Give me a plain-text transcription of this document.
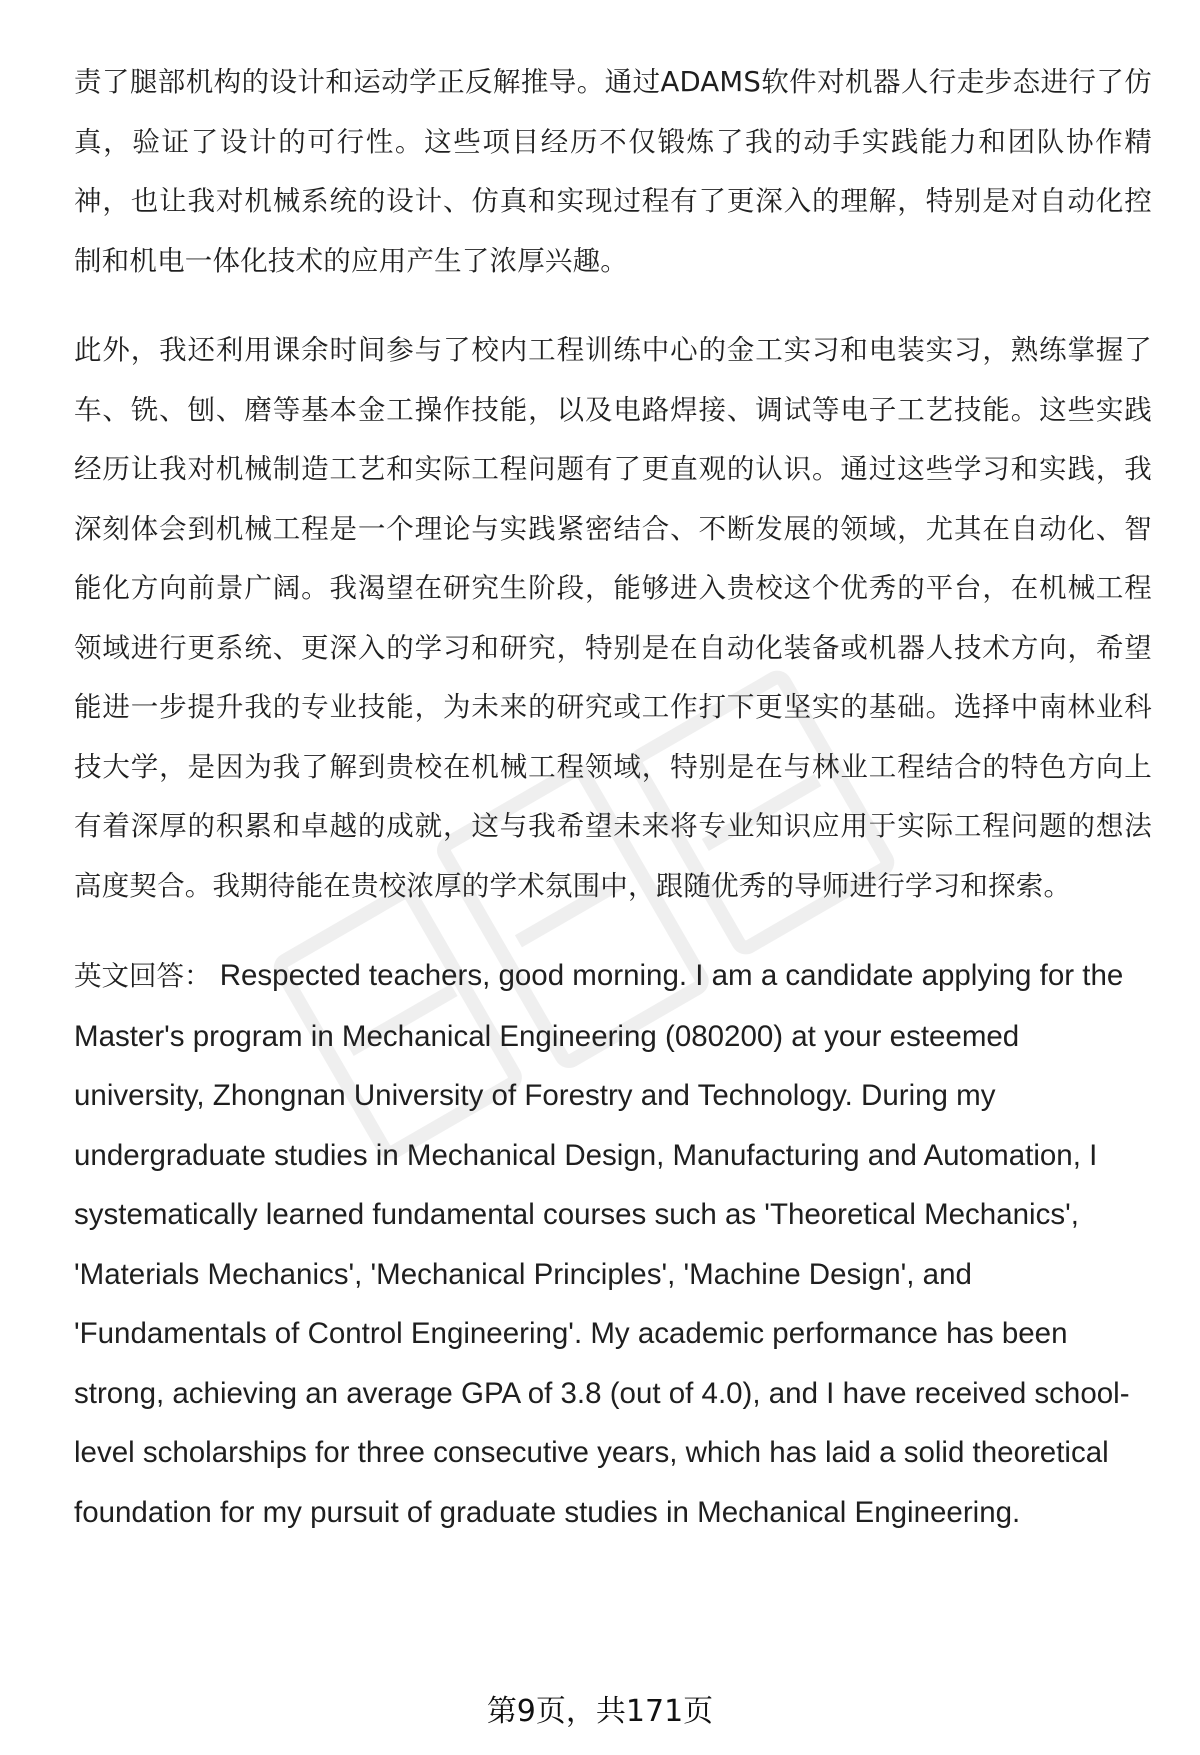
责了腿部机构的设计和运动学正反解推导。通过ADAMS软件对机器人行走步态进行了仿真，验证了设计的可行性。这些项目经历不仅锻炼了我的动手实践能力和团队协作精神，也让我对机械系统的设计、仿真和实现过程有了更深入的理解，特别是对自动化控制和机电一体化技术的应用产生了浓厚兴趣。

此外，我还利用课余时间参与了校内工程训练中心的金工实习和电装实习，熟练掌握了车、铣、刨、磨等基本金工操作技能，以及电路焊接、调试等电子工艺技能。这些实践经历让我对机械制造工艺和实际工程问题有了更直观的认识。通过这些学习和实践，我深刻体会到机械工程是一个理论与实践紧密结合、不断发展的领域，尤其在自动化、智能化方向前景广阔。我渴望在研究生阶段，能够进入贵校这个优秀的平台，在机械工程领域进行更系统、更深入的学习和研究，特别是在自动化装备或机器人技术方向，希望能进一步提升我的专业技能，为未来的研究或工作打下更坚实的基础。选择中南林业科技大学，是因为我了解到贵校在机械工程领域，特别是在与林业工程结合的特色方向上有着深厚的积累和卓越的成就，这与我希望未来将专业知识应用于实际工程问题的想法高度契合。我期待能在贵校浓厚的学术氛围中，跟随优秀的导师进行学习和探索。

英文回答： Respected teachers, good morning. I am a candidate applying for the Master's program in Mechanical Engineering (080200) at your esteemed university, Zhongnan University of Forestry and Technology. During my undergraduate studies in Mechanical Design, Manufacturing and Automation, I systematically learned fundamental courses such as 'Theoretical Mechanics', 'Materials Mechanics', 'Mechanical Principles', 'Machine Design', and 'Fundamentals of Control Engineering'. My academic performance has been strong, achieving an average GPA of 3.8 (out of 4.0), and I have received school-level scholarships for three consecutive years, which has laid a solid theoretical foundation for my pursuit of graduate studies in Mechanical Engineering.

第9页，共171页
